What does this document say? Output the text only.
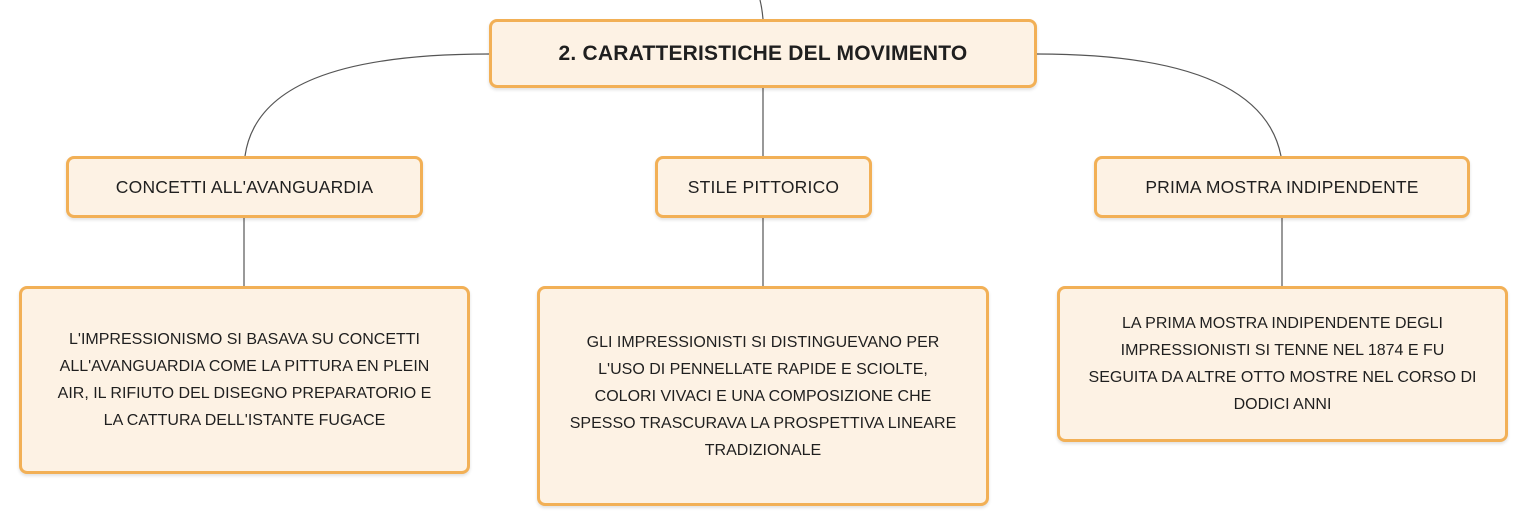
2. CARATTERISTICHE DEL MOVIMENTO
CONCETTI ALL'AVANGUARDIA	STILE PITTORICO	PRIMA MOSTRA INDIPENDENTE
L'IMPRESSIONISMO SI BASAVA SU CONCETTI ALL'AVANGUARDIA COME LA PITTURA EN PLEIN AIR, IL RIFIUTO DEL DISEGNO PREPARATORIO E LA CATTURA DELL'ISTANTE FUGACE
GLI IMPRESSIONISTI SI DISTINGUEVANO PER L'USO DI PENNELLATE RAPIDE E SCIOLTE, COLORI VIVACI E UNA COMPOSIZIONE CHE SPESSO TRASCURAVA LA PROSPETTIVA LINEARE TRADIZIONALE
LA PRIMA MOSTRA INDIPENDENTE DEGLI IMPRESSIONISTI SI TENNE NEL 1874 E FU SEGUITA DA ALTRE OTTO MOSTRE NEL CORSO DI DODICI ANNI
